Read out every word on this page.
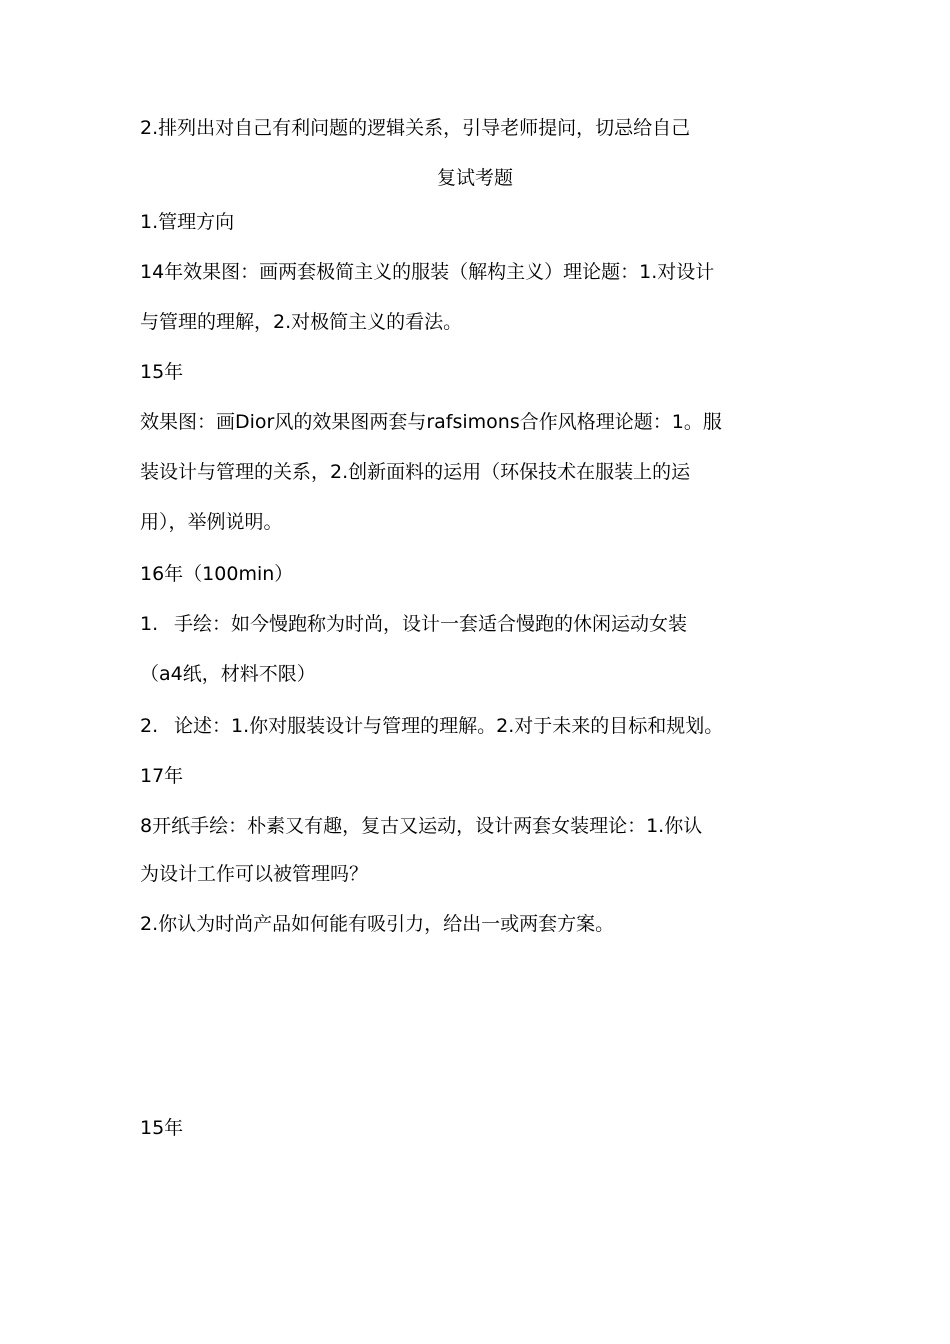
2.排列出对自己有利问题的逻辑关系，引导老师提问，切忌给自己
复试考题
1.管理方向
14年效果图：画两套极简主义的服装（解构主义）理论题：1.对设计
与管理的理解，2.对极简主义的看法。
15年
效果图：画Dior风的效果图两套与rafsimons合作风格理论题：1。服
装设计与管理的关系，2.创新面料的运用（环保技术在服装上的运
用），举例说明。
16年（100min）
1. 手绘：如今慢跑称为时尚，设计一套适合慢跑的休闲运动女装
（a4纸，材料不限）
2. 论述：1.你对服装设计与管理的理解。2.对于未来的目标和规划。
17年
8开纸手绘：朴素又有趣，复古又运动，设计两套女装理论：1.你认
为设计工作可以被管理吗？
2.你认为时尚产品如何能有吸引力，给出一或两套方案。
15年
